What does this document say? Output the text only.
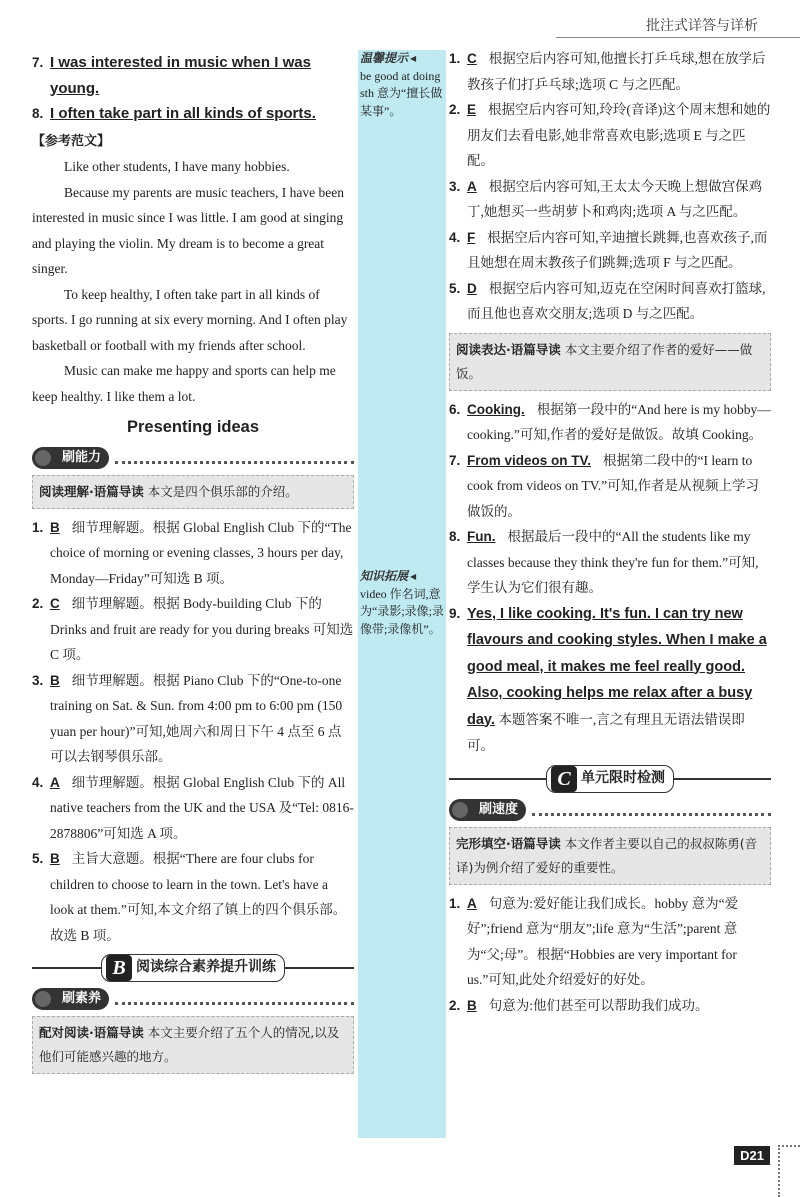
批注式详答与详析
7. I was interested in music when I was young.
8. I often take part in all kinds of sports.
【参考范文】

Like other students, I have many hobbies.

Because my parents are music teachers, I have been interested in music since I was little. I am good at singing and playing the violin. My dream is to become a great singer.

To keep healthy, I often take part in all kinds of sports. I go running at six every morning. And I often play basketball or football with my friends after school.

Music can make me happy and sports can help me keep healthy. I like them a lot.

Presenting ideas
刷能力
阅读理解·语篇导读 本文是四个俱乐部的介绍。
1. B 细节理解题。根据 Global English Club 下的“The choice of morning or evening classes, 3 hours per day, Monday—Friday”可知选 B 项。
2. C 细节理解题。根据 Body-building Club 下的 Drinks and fruit are ready for you during breaks 可知选 C 项。
3. B 细节理解题。根据 Piano Club 下的“One-to-one training on Sat. & Sun. from 4:00 pm to 6:00 pm (150 yuan per hour)”可知,她周六和周日下午 4 点至 6 点可以去钢琴俱乐部。
4. A 细节理解题。根据 Global English Club 下的 All native teachers from the UK and the USA 及“Tel: 0816-2878806”可知选 A 项。
5. B 主旨大意题。根据“There are four clubs for children to choose to learn in the town. Let's have a look at them.”可知,本文介绍了镇上的四个俱乐部。故选 B 项。
B 阅读综合素养提升训练
刷素养
配对阅读·语篇导读 本文主要介绍了五个人的情况,以及他们可能感兴趣的地方。
温馨提示 ◀
be good at doing sth 意为“擅长做某事”。
知识拓展 ◀
video 作名词,意为“录影;录像;录像带;录像机”。
1. C 根据空后内容可知,他擅长打乒乓球,想在放学后教孩子们打乒乓球;选项 C 与之匹配。
2. E 根据空后内容可知,玲玲(音译)这个周末想和她的朋友们去看电影,她非常喜欢电影;选项 E 与之匹配。
3. A 根据空后内容可知,王太太今天晚上想做宫保鸡丁,她想买一些胡萝卜和鸡肉;选项 A 与之匹配。
4. F 根据空后内容可知,辛迪擅长跳舞,也喜欢孩子,而且她想在周末教孩子们跳舞;选项 F 与之匹配。
5. D 根据空后内容可知,迈克在空闲时间喜欢打篮球,而且他也喜欢交朋友;选项 D 与之匹配。
阅读表达·语篇导读 本文主要介绍了作者的爱好——做饭。
6. Cooking. 根据第一段中的“And here is my hobby—cooking.”可知,作者的爱好是做饭。故填 Cooking。
7. From videos on TV. 根据第二段中的“I learn to cook from videos on TV.”可知,作者是从视频上学习做饭的。
8. Fun. 根据最后一段中的“All the students like my classes because they think they're fun for them.”可知,学生认为它们很有趣。
9. Yes, I like cooking. It's fun. I can try new flavours and cooking styles. When I make a good meal, it makes me feel really good. Also, cooking helps me relax after a busy day. 本题答案不唯一,言之有理且无语法错误即可。
C 单元限时检测
刷速度
完形填空·语篇导读 本文作者主要以自己的叔叔陈勇(音译)为例介绍了爱好的重要性。
1. A 句意为:爱好能让我们成长。hobby 意为“爱好”;friend 意为“朋友”;life 意为“生活”;parent 意为“父;母”。根据“Hobbies are very important for us.”可知,此处介绍爱好的好处。
2. B 句意为:他们甚至可以帮助我们成功。
D21
